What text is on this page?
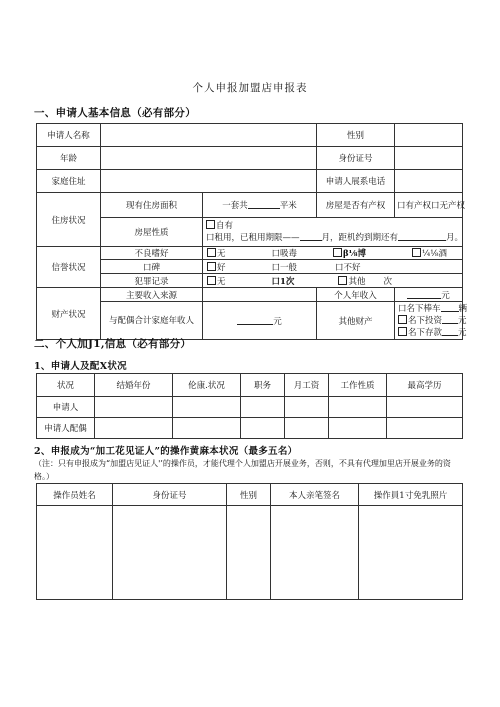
个人申报加盟店申报表
一、申请人基本信息（必有部分）
申请人名称			性别	
年龄			身份证号	
家庭住址			申请人展系电话	
住房状况	现有住房面积	一套共 平米	房屋是否有产权	口有产权口无产权
	房屋性质	自有
口租用，已租用期限—— 月，距机约到期还有 月。		

信誉状况	不良嗜好	无 口吸毒 β⅛博 ¼⅛酒		
	口碑	好 口一般 口不好		
	犯罪记录	无 口1次 其他 次		
财产状况	主要收入来源		个人年收入	元
	与配偶合计家庭年收人	元	其他财产	口名下棒车 辆
名下投资 元
名下存款 元
二、个人加J1,信息（必有部分）
1、申请人及配X状况
状况	结婚年份	伦康.状况	职务	月工资	工作性质	最高学历
申请人						
申请人配偶						
2、申报成为“加工花见证人”的操作黄麻本状况（最多五名）
（注：只有申报成为“加盟店见证人'’的操作员，才能代理个人加盟店开展业务，否则，不具有代理加里店开展业务的资格。）
操作员姓名	身份证号	性别	本人亲笔签名	操作員1寸免乳照片
